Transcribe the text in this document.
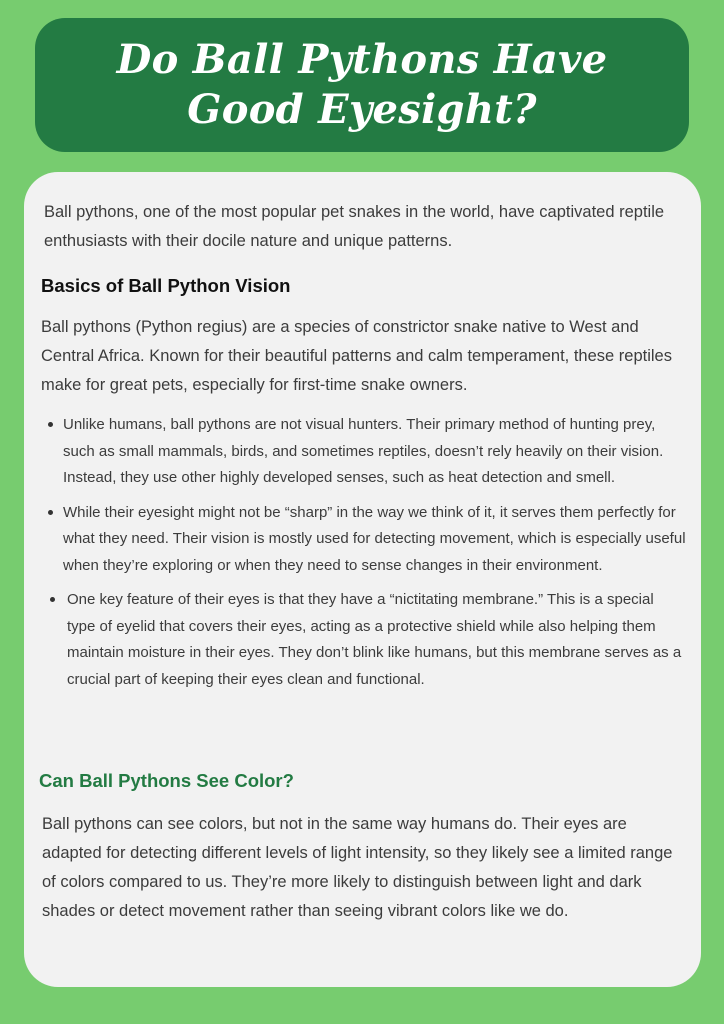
Do Ball Pythons Have Good Eyesight?

Ball pythons, one of the most popular pet snakes in the world, have captivated reptile enthusiasts with their docile nature and unique patterns.

Basics of Ball Python Vision

Ball pythons (Python regius) are a species of constrictor snake native to West and Central Africa. Known for their beautiful patterns and calm temperament, these reptiles make for great pets, especially for first-time snake owners.

Unlike humans, ball pythons are not visual hunters. Their primary method of hunting prey, such as small mammals, birds, and sometimes reptiles, doesn’t rely heavily on their vision. Instead, they use other highly developed senses, such as heat detection and smell.
While their eyesight might not be “sharp” in the way we think of it, it serves them perfectly for what they need. Their vision is mostly used for detecting movement, which is especially useful when they’re exploring or when they need to sense changes in their environment.
One key feature of their eyes is that they have a “nictitating membrane.” This is a special type of eyelid that covers their eyes, acting as a protective shield while also helping them maintain moisture in their eyes. They don’t blink like humans, but this membrane serves as a crucial part of keeping their eyes clean and functional.
Can Ball Pythons See Color?

Ball pythons can see colors, but not in the same way humans do. Their eyes are adapted for detecting different levels of light intensity, so they likely see a limited range of colors compared to us. They’re more likely to distinguish between light and dark shades or detect movement rather than seeing vibrant colors like we do.
